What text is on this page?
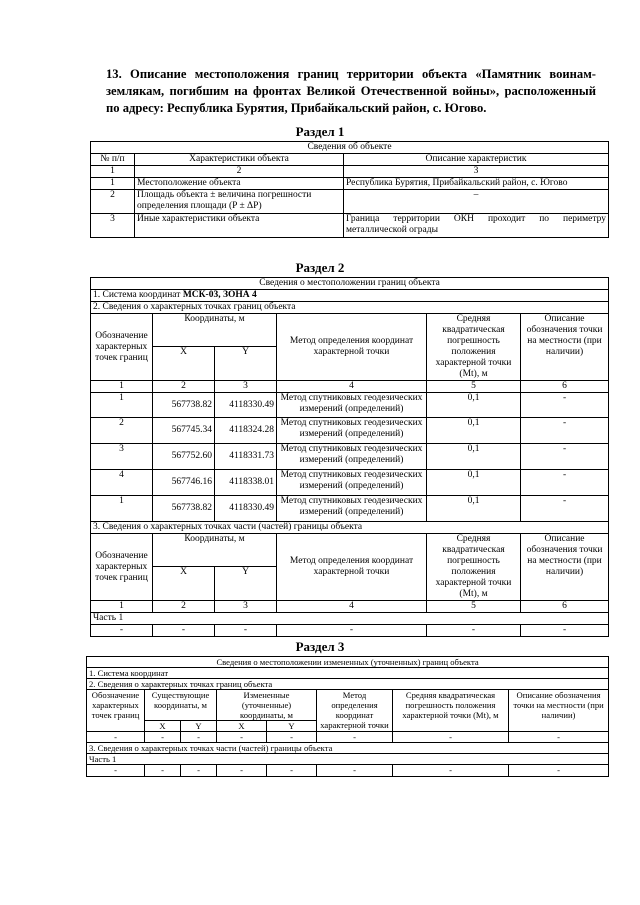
13. Описание местоположения границ территории объекта «Памятник воинам-землякам, погибшим на фронтах Великой Отечественной войны», расположенный по адресу: Республика Бурятия, Прибайкальский район, с. Югово.
Раздел 1
Сведения об объекте		
№ п/п	Характеристики объекта	Описание характеристик
1	2	3
1	Местоположение объекта	Республика Бурятия, Прибайкальский район, с. Югово
2	Площадь объекта ± величина погрешности определения площади (P ± ΔP)	–
3	Иные характеристики объекта	Граница территории ОКН проходит по периметру металлической ограды
Раздел 2
Сведения о местоположении границ объекта					
1. Система координат МСК-03, ЗОНА 4					
2. Сведения о характерных точках границ объекта					
Обозначение характерных точек границ	Координаты, м		Метод определения координат характерной точки	Средняя квадратическая погрешность положения характерной точки (Mt), м	Описание обозначения точки на местности (при наличии)
	X	Y			
1	2	3	4	5	6
1	567738.82	4118330.49	Метод спутниковых геодезических измерений (определений)	0,1	-
2	567745.34	4118324.28	Метод спутниковых геодезических измерений (определений)	0,1	-
3	567752.60	4118331.73	Метод спутниковых геодезических измерений (определений)	0,1	-
4	567746.16	4118338.01	Метод спутниковых геодезических измерений (определений)	0,1	-
1	567738.82	4118330.49	Метод спутниковых геодезических измерений (определений)	0,1	-
3. Сведения о характерных точках части (частей) границы объекта					
Обозначение характерных точек границ	Координаты, м		Метод определения координат характерной точки	Средняя квадратическая погрешность положения характерной точки (Mt), м	Описание обозначения точки на местности (при наличии)
	X	Y			
1	2	3	4	5	6
Часть 1					
-	-	-	-	-	-
Раздел 3
Сведения о местоположении измененных (уточненных) границ объекта							
1. Система координат							
2. Сведения о характерных точках границ объекта							
Обозначение характерных точек границ	Существующие координаты, м		Измененные (уточненные) координаты, м		Метод определения координат характерной точки	Средняя квадратическая погрешность положения характерной точки (Mt), м	Описание обозначения точки на местности (при наличии)
	X	Y	X	Y			
-	-	-	-	-	-	-	-
3. Сведения о характерных точках части (частей) границы объекта							
Часть 1							
-	-	-	-	-	-	-	-
